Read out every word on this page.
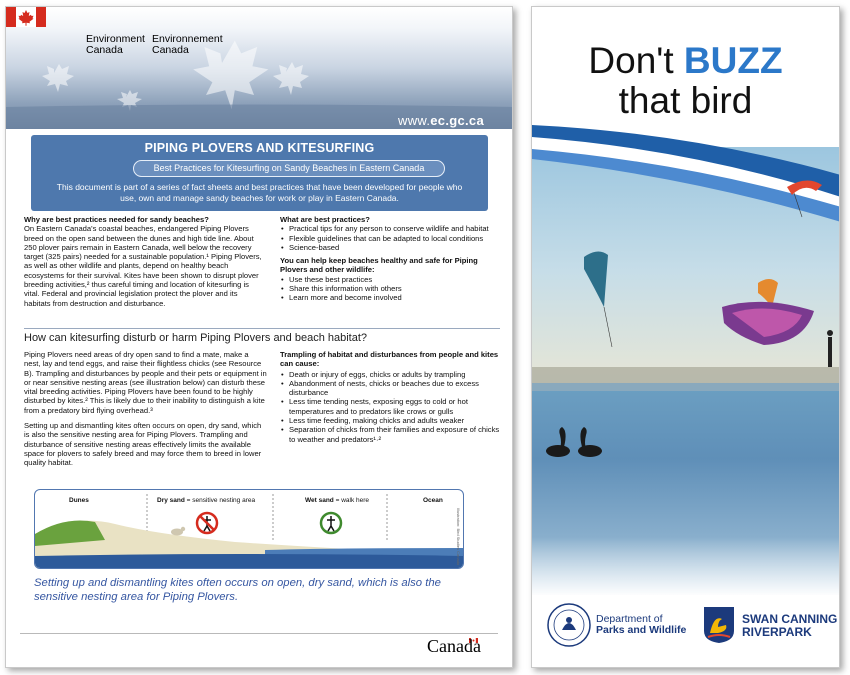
Environment
Canada
Environnement
Canada
www.ec.gc.ca
PIPING PLOVERS AND KITESURFING
Best Practices for Kitesurfing on Sandy Beaches in Eastern Canada
This document is part of a series of fact sheets and best practices that have been developed for people who use, own and manage sandy beaches for work or play in Eastern Canada.
Why are best practices needed for sandy beaches?

On Eastern Canada's coastal beaches, endangered Piping Plovers breed on the open sand between the dunes and high tide line. About 250 plover pairs remain in Eastern Canada, well below the recovery target (325 pairs) needed for a sustainable population.¹ Piping Plovers, as well as other wildlife and plants, depend on healthy beach ecosystems for their survival. Kites have been shown to disrupt plover breeding activities,² thus careful timing and location of kitesurfing is vital. Federal and provincial legislation protect the plover and its habitats from destruction and disturbance.

What are best practices?
• Practical tips for any person to conserve wildlife and habitat
• Flexible guidelines that can be adapted to local conditions
• Science-based
You can help keep beaches healthy and safe for Piping Plovers and other wildlife:
• Use these best practices
• Share this information with others
• Learn more and become involved
How can kitesurfing disturb or harm Piping Plovers and beach habitat?

Piping Plovers need areas of dry open sand to find a mate, make a nest, lay and tend eggs, and raise their flightless chicks (see Resource B). Trampling and disturbances by people and their pets or equipment in or near sensitive nesting areas (see illustration below) can disturb these vital breeding activities. Piping Plovers have been found to be highly disturbed by kites.² This is likely due to their inability to distinguish a kite from a predatory bird flying overhead.³

Setting up and dismantling kites often occurs on open, dry sand, which is also the sensitive nesting area for Piping Plovers. Trampling and disturbance of sensitive nesting areas effectively limits the available space for plovers to safely breed and may force them to breed in lower quality habitat.

Trampling of habitat and disturbances from people and kites can cause:
• Death or injury of eggs, chicks or adults by trampling
• Abandonment of nests, chicks or beaches due to excess disturbance
• Less time tending nests, exposing eggs to cold or hot temperatures and to predators like crows or gulls
• Less time feeding, making chicks and adults weaker
• Separation of chicks from their families and exposure of chicks to weather and predators¹·²
Dunes	Dry sand = sensitive nesting area	Wet sand = walk here	Ocean
Illustration: Bird Studies Canada
Setting up and dismantling kites often occurs on open, dry sand, which is also the sensitive nesting area for Piping Plovers.
Canada
Don't BUZZ
that bird
Department of
Parks and Wildlife
SWAN CANNING
RIVERPARK
